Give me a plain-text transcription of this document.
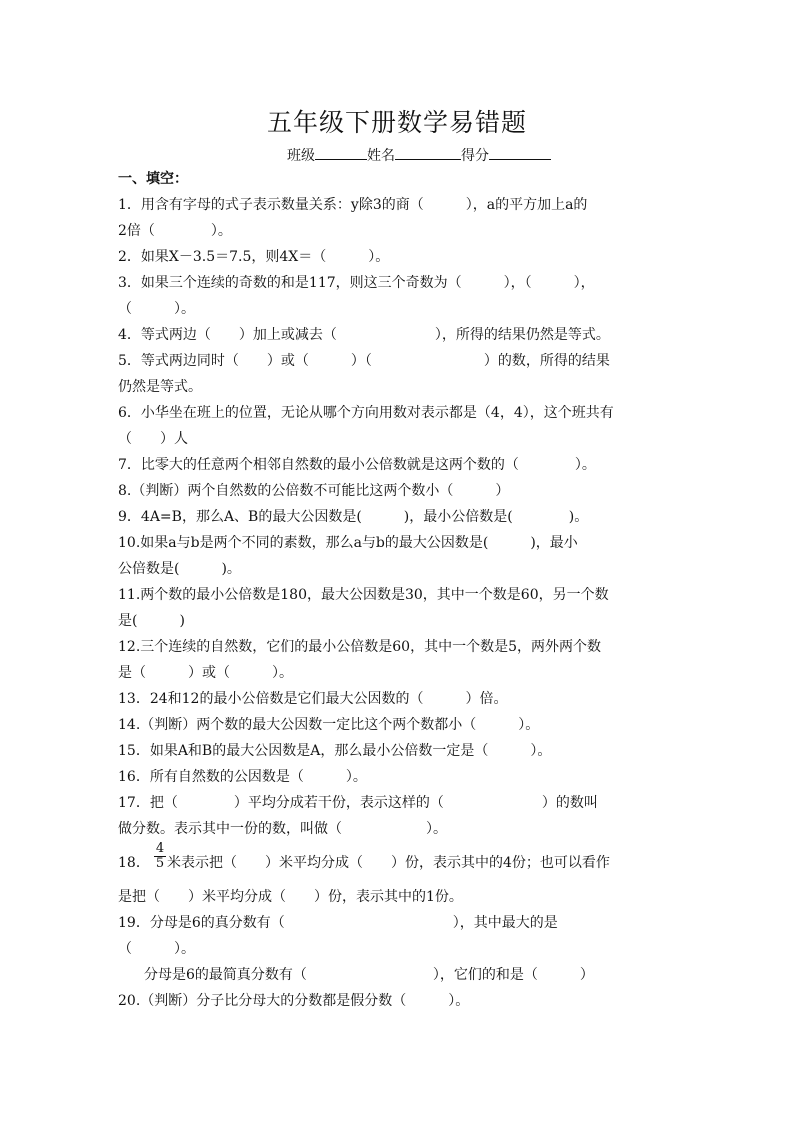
五年级下册数学易错题
班级	姓名	得分
一、填空：
1．用含有字母的式子表示数量关系：y除3的商（　　　），a的平方加上a的
2倍（　　　　）。
2．如果X－3.5＝7.5，则4X＝（　　　）。
3．如果三个连续的奇数的和是117，则这三个奇数为（　　　），（　　　），
（　　　）。
4．等式两边（　　）加上或减去（　　　　　　　），所得的结果仍然是等式。
5．等式两边同时（　　）或（　　　）（　　　　　　　　）的数，所得的结果
仍然是等式。
6．小华坐在班上的位置，无论从哪个方向用数对表示都是（4，4），这个班共有
（　　）人
7．比零大的任意两个相邻自然数的最小公倍数就是这两个数的（　　　　）。
8.（判断）两个自然数的公倍数不可能比这两个数小（　　　）
9．4A=B，那么A、B的最大公因数是(　　　)，最小公倍数是(　　　　)。
10.如果a与b是两个不同的素数，那么a与b的最大公因数是(　　　)，最小
公倍数是(　　　)。
11.两个数的最小公倍数是180，最大公因数是30，其中一个数是60，另一个数
是(　　　)
12.三个连续的自然数，它们的最小公倍数是60，其中一个数是5，两外两个数
是（　　　）或（　　　）。
13．24和12的最小公倍数是它们最大公因数的（　　　）倍。
14.（判断）两个数的最大公因数一定比这个两个数都小（　　　）。
15．如果A和B的最大公因数是A，那么最小公倍数一定是（　　　）。
16．所有自然数的公因数是（　　　）。
17．把（　　　　）平均分成若干份，表示这样的（　　　　　　　）的数叫
做分数。表示其中一份的数，叫做（　　　　　　）。
18． $\frac{4}{5}$ 米表示把（　　）米平均分成（　　）份，表示其中的4份；也可以看作
是把（　　）米平均分成（　　）份，表示其中的1份。
19．分母是6的真分数有（　　　　　　　　　　　　），其中最大的是
（　　　）。
分母是6的最简真分数有（　　　　　　　　　），它们的和是（　　　）
20.（判断）分子比分母大的分数都是假分数（　　　）。
